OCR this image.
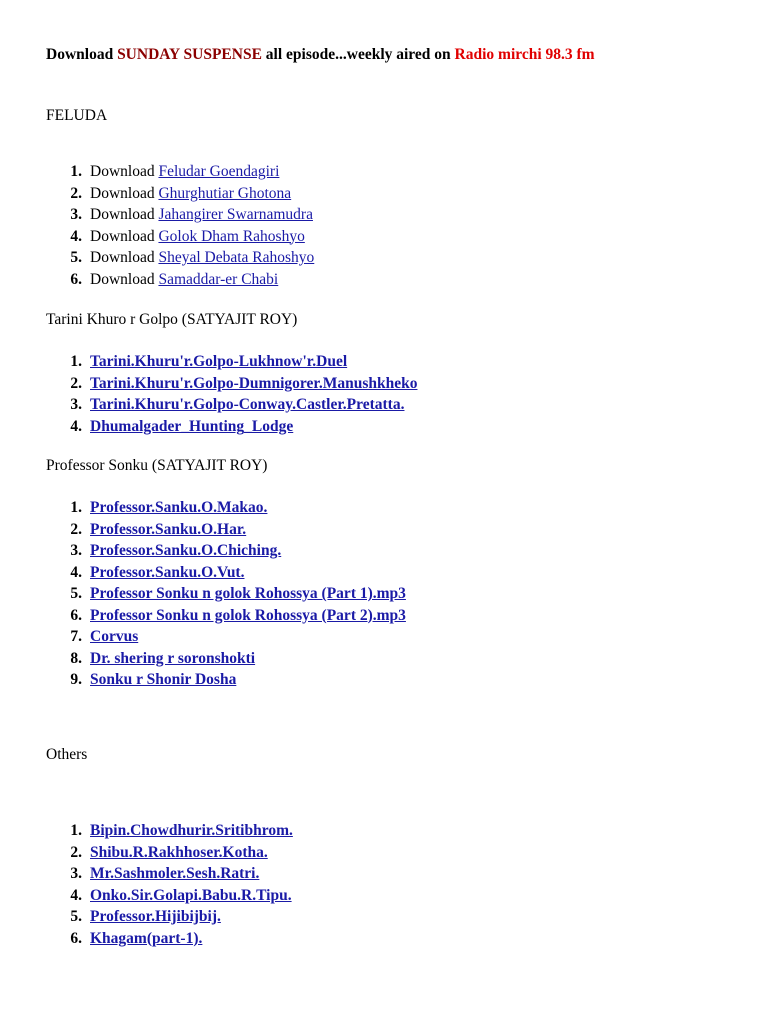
Download SUNDAY SUSPENSE all episode...weekly aired on Radio mirchi 98.3 fm
FELUDA
1. Download Feludar Goendagiri
2. Download Ghurghutiar Ghotona
3. Download Jahangirer Swarnamudra
4. Download Golok Dham Rahoshyo
5. Download Sheyal Debata Rahoshyo
6. Download Samaddar-er Chabi
Tarini Khuro r Golpo (SATYAJIT ROY)
1. Tarini.Khuru'r.Golpo-Lukhnow'r.Duel
2. Tarini.Khuru'r.Golpo-Dumnigorer.Manushkheko
3. Tarini.Khuru'r.Golpo-Conway.Castler.Pretatta.
4. Dhumalgader_Hunting_Lodge
Professor Sonku (SATYAJIT ROY)
1. Professor.Sanku.O.Makao.
2. Professor.Sanku.O.Har.
3. Professor.Sanku.O.Chiching.
4. Professor.Sanku.O.Vut.
5. Professor Sonku n golok Rohossya (Part 1).mp3
6. Professor Sonku n golok Rohossya (Part 2).mp3
7. Corvus
8. Dr. shering r soronshokti
9. Sonku r Shonir Dosha
Others
1. Bipin.Chowdhurir.Sritibhrom.
2. Shibu.R.Rakhhoser.Kotha.
3. Mr.Sashmoler.Sesh.Ratri.
4. Onko.Sir.Golapi.Babu.R.Tipu.
5. Professor.Hijibijbij.
6. Khagam(part-1).
